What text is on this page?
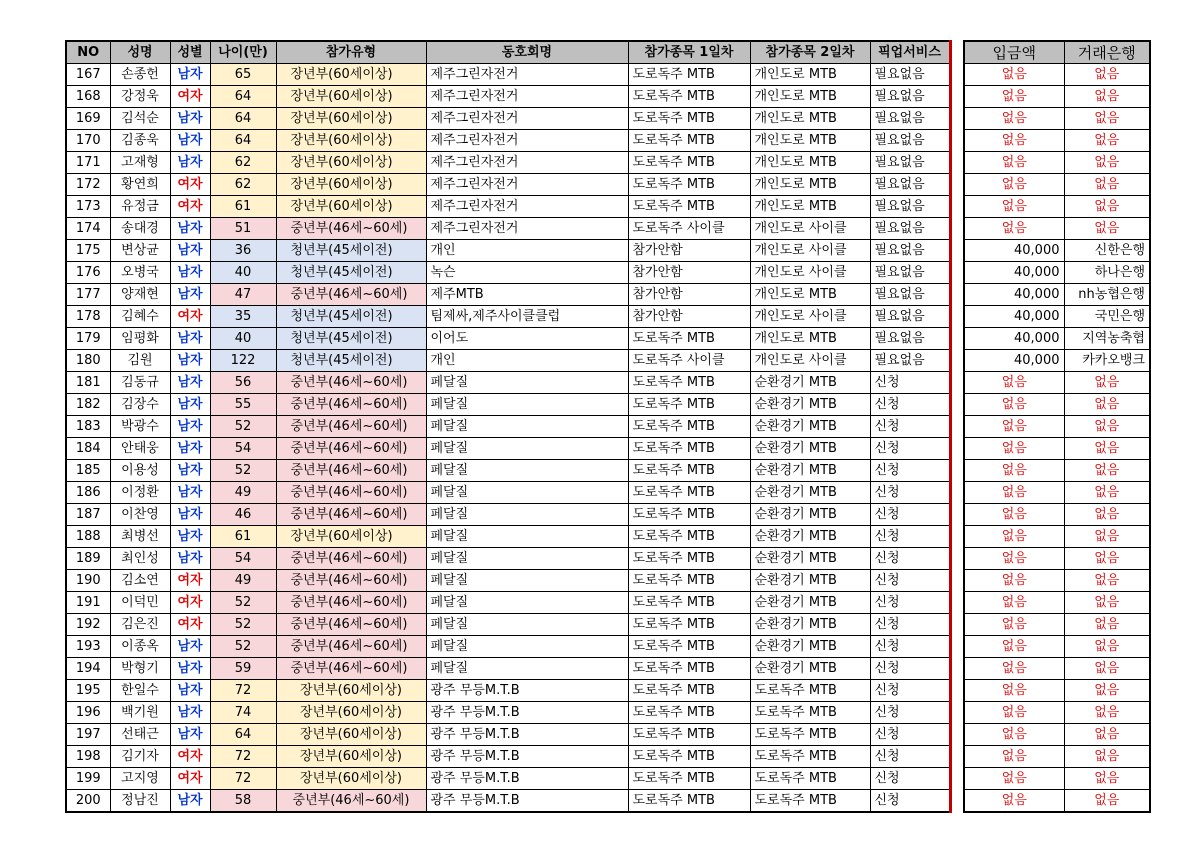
NO	성명	성별	나이(만)	참가유형	동호회명	참가종목 1일차	참가종목 2일차	픽업서비스
167	손종헌	남자	65	장년부(60세이상)	제주그린자전거	도로독주 MTB	개인도로 MTB	필요없음
168	강정욱	여자	64	장년부(60세이상)	제주그린자전거	도로독주 MTB	개인도로 MTB	필요없음
169	김석순	남자	64	장년부(60세이상)	제주그린자전거	도로독주 MTB	개인도로 MTB	필요없음
170	김종욱	남자	64	장년부(60세이상)	제주그린자전거	도로독주 MTB	개인도로 MTB	필요없음
171	고재형	남자	62	장년부(60세이상)	제주그린자전거	도로독주 MTB	개인도로 MTB	필요없음
172	황연희	여자	62	장년부(60세이상)	제주그린자전거	도로독주 MTB	개인도로 MTB	필요없음
173	유정금	여자	61	장년부(60세이상)	제주그린자전거	도로독주 MTB	개인도로 MTB	필요없음
174	송대경	남자	51	중년부(46세~60세)	제주그린자전거	도로독주 사이클	개인도로 사이클	필요없음
175	변상균	남자	36	청년부(45세이전)	개인	참가안함	개인도로 사이클	필요없음
176	오병국	남자	40	청년부(45세이전)	녹슨	참가안함	개인도로 사이클	필요없음
177	양재현	남자	47	중년부(46세~60세)	제주MTB	참가안함	개인도로 MTB	필요없음
178	김혜수	여자	35	청년부(45세이전)	팀제싸,제주사이클클럽	참가안함	개인도로 사이클	필요없음
179	임평화	남자	40	청년부(45세이전)	이어도	도로독주 MTB	개인도로 MTB	필요없음
180	김원	남자	122	청년부(45세이전)	개인	도로독주 사이클	개인도로 사이클	필요없음
181	김동규	남자	56	중년부(46세~60세)	페달질	도로독주 MTB	순환경기 MTB	신청
182	김장수	남자	55	중년부(46세~60세)	페달질	도로독주 MTB	순환경기 MTB	신청
183	박광수	남자	52	중년부(46세~60세)	페달질	도로독주 MTB	순환경기 MTB	신청
184	안태웅	남자	54	중년부(46세~60세)	페달질	도로독주 MTB	순환경기 MTB	신청
185	이용성	남자	52	중년부(46세~60세)	페달질	도로독주 MTB	순환경기 MTB	신청
186	이정환	남자	49	중년부(46세~60세)	페달질	도로독주 MTB	순환경기 MTB	신청
187	이찬영	남자	46	중년부(46세~60세)	페달질	도로독주 MTB	순환경기 MTB	신청
188	최병선	남자	61	장년부(60세이상)	페달질	도로독주 MTB	순환경기 MTB	신청
189	최인성	남자	54	중년부(46세~60세)	페달질	도로독주 MTB	순환경기 MTB	신청
190	김소연	여자	49	중년부(46세~60세)	페달질	도로독주 MTB	순환경기 MTB	신청
191	이덕민	여자	52	중년부(46세~60세)	페달질	도로독주 MTB	순환경기 MTB	신청
192	김은진	여자	52	중년부(46세~60세)	페달질	도로독주 MTB	순환경기 MTB	신청
193	이종옥	남자	52	중년부(46세~60세)	페달질	도로독주 MTB	순환경기 MTB	신청
194	박형기	남자	59	중년부(46세~60세)	페달질	도로독주 MTB	순환경기 MTB	신청
195	한일수	남자	72	장년부(60세이상)	광주 무등M.T.B	도로독주 MTB	도로독주 MTB	신청
196	백기원	남자	74	장년부(60세이상)	광주 무등M.T.B	도로독주 MTB	도로독주 MTB	신청
197	선태근	남자	64	장년부(60세이상)	광주 무등M.T.B	도로독주 MTB	도로독주 MTB	신청
198	김기자	여자	72	장년부(60세이상)	광주 무등M.T.B	도로독주 MTB	도로독주 MTB	신청
199	고지영	여자	72	장년부(60세이상)	광주 무등M.T.B	도로독주 MTB	도로독주 MTB	신청
200	정남진	남자	58	중년부(46세~60세)	광주 무등M.T.B	도로독주 MTB	도로독주 MTB	신청
입금액	거래은행
없음	없음
없음	없음
없음	없음
없음	없음
없음	없음
없음	없음
없음	없음
없음	없음
40,000	신한은행
40,000	하나은행
40,000	nh농협은행
40,000	국민은행
40,000	지역농축협
40,000	카카오뱅크
없음	없음
없음	없음
없음	없음
없음	없음
없음	없음
없음	없음
없음	없음
없음	없음
없음	없음
없음	없음
없음	없음
없음	없음
없음	없음
없음	없음
없음	없음
없음	없음
없음	없음
없음	없음
없음	없음
없음	없음
